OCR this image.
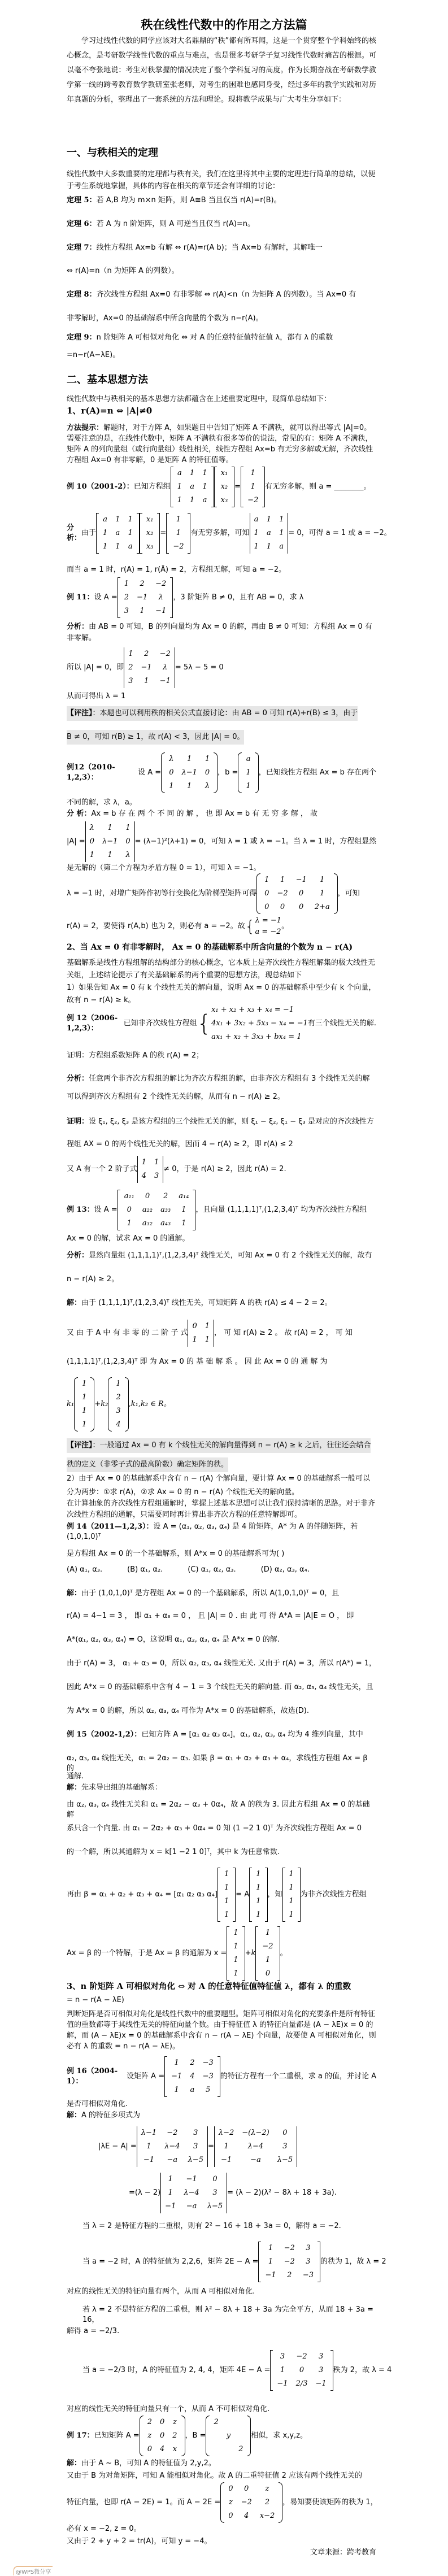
秩在线性代数中的作用之方法篇
学习过线性代数的同学应该对大名鼎鼎的“秩”都有所耳闻，这是一个贯穿整个学科始终的核心概念，是考研数学线性代数的重点与难点，也是很多考研学子复习线性代数时痛苦的根源。可以毫不夸张地说：考生对秩掌握的情况决定了整个学科复习的高度。作为长期奋战在考研数学教学第一线的跨考教育数学教研室张老师，对考生的困难也感同身受，经过多年的教学实践和对历年真题的分析，整理出了一套系统的方法和理论。现将教学成果与广大考生分享如下：
一、与秩相关的定理
线性代数中大多数重要的定理都与秩有关，我们在这里将其中主要的定理进行简单的总结，以便于考生系统地掌握，具体的内容在相关的章节还会有详细的讨论：
定理 5：若 A,B 均为 m×n 矩阵，则 A≅B 当且仅当 r(A)=r(B)。
定理 6：若 A 为 n 阶矩阵，则 A 可逆当且仅当 r(A)=n。
定理 7：线性方程组 Ax=b 有解 ⇔ r(A)=r(A b)；当 Ax=b 有解时，其解唯一
⇔ r(A)=n（n 为矩阵 A 的列数）。
定理 8：齐次线性方程组 Ax=0 有非零解 ⇔ r(A)<n（n 为矩阵 A 的列数）。当 Ax=0 有
非零解时，Ax=0 的基础解系中所含向量的个数为 n−r(A)。
定理 9：n 阶矩阵 A 可相似对角化 ⇔ 对 A 的任意特征值特征值 λ，都有 λ 的重数
=n−r(A−λE)。
二、基本思想方法
线性代数中与秩相关的基本思想方法都蕴含在上述重要定理中，现简单总结如下：
1、r(A)=n ⇔ |A|≠0
方法提示：解题时，对于方阵 A，如果题目中告知了矩阵 A 不满秩，就可以得出等式 |A|=0。需要注意的是，在线性代数中，矩阵 A 不满秩有很多等价的说法，常见的有：矩阵 A 不满秩，矩阵 A 的列向量组（或行向量组）线性相关，线性方程组 Ax=b 有无穷多解或无解，齐次线性方程组 Ax=0 有非零解，0 是矩阵 A 的特征值等。
例 10（2001-2）： 已知方程组
a	1	1
1	a	1
1	1	a
x₁
x₂
x₃
=
1
1
−2
有无穷多解，则 a = ________。
分析：
由于
a	1	1
1	a	1
1	1	a
x₁
x₂
x₃
=
1
1
−2
有无穷多解，可知
a	1	1
1	a	1
1	1	a
= 0，可得 a = 1 或 a = −2。
而当 a = 1 时，r(A) = 1, r(Ā) = 2，方程组无解，可知 a = −2。
例 11： 设 A =
1	2	−2
2	−1	λ
3	1	−1
，3 阶矩阵 B ≠ 0，且有 AB = 0，求 λ
分析：由 AB = 0 可知，B 的列向量均为 Ax = 0 的解，再由 B ≠ 0 可知：方程组 Ax = 0 有非零解。
所以 |A| = 0，即
1	2	−2
2	−1	λ
3	1	−1
= 5λ − 5 = 0
从而可得出 λ = 1
【评注】：本题也可以利用秩的相关公式直接讨论：由 AB = 0 可知 r(A)+r(B) ≤ 3，由于
B ≠ 0，可知 r(B) ≥ 1，故 r(A) < 3，因此 |A| = 0。
例12（2010-1,2,3）：
设 A =
λ	1	1
0	λ−1	0
1	1	λ
，b =
a
1
1
，已知线性方程组 Ax = b 存在两个
不同的解，求 λ，a。
分 析：Ax = b 存 在 两 个 不 同 的 解 ， 也 即 Ax = b 有 无 穷 多 解 ， 故
|A| =
λ	1	1
0	λ−1	0
1	1	λ
= (λ−1)²(λ+1) = 0，可知 λ = 1 或 λ = −1。当 λ = 1 时，方程组显然
是无解的（第二个方程为矛盾方程 0 = 1），可知 λ = −1。
λ = −1 时，对增广矩阵作初等行变换化为阶梯型矩阵可得
1	1	−1	1
0	−2	0	1
0	0	0	2+a
，可知
r(A) = 2，要使得 r(A,b) 也为 2，则必有 a = −2。故 { λ = −1
a = −2
。
2、当 Ax = 0 有非零解时， Ax = 0 的基础解系中所含向量的个数为 n − r(A)
基础解系是线性方程组解的结构部分的核心概念，它本质上是齐次线性方程组解集的极大线性无关组，上述结论提示了有关基础解系的两个重要的思想方法，现总结如下
1）如果告知 Ax = 0 有 k 个线性无关的解向量，说明 Ax = 0 的基础解系中至少有 k 个向量，故有 n − r(A) ≥ k。
例 12（2006-1,2,3）：
已知非齐次线性方程组 {
x₁ + x₂ + x₃ + x₄ = −1
4x₁ + 3x₂ + 5x₃ − x₄ = −1
ax₁ + x₂ + 3x₃ + bx₄ = 1
有三个线性无关的解.
证明：方程组系数矩阵 A 的秩 r(A) = 2；
分析：任意两个非齐次方程组的解比为齐次方程组的解，由非齐次方程组有 3 个线性无关的解可以得到齐次方程组有 2 个线性无关的解，从而有 n − r(A) ≥ 2。
证明：设 ξ₁, ξ₂, ξ₃ 是该方程组的三个线性无关的解，则 ξ₁ − ξ₂, ξ₁ − ξ₃ 是对应的齐次线性方程组 AX = 0 的两个线性无关的解，因而 4 − r(A) ≥ 2，即 r(A) ≤ 2
又 A 有一个 2 阶子式
1	1
4	3
≠ 0，于是 r(A) ≥ 2，因此 r(A) = 2.
例 13： 设 A =
a₁₁	0	2	a₁₄
0	a₂₂	a₃₃	1
1	a₃₂	a₄₃	1
，且向量 (1,1,1,1)ᵀ,(1,2,3,4)ᵀ 均为齐次线性方程组
Ax = 0 的解，试求 Ax = 0 的通解。
分析：显然向量组 (1,1,1,1)ᵀ,(1,2,3,4)ᵀ 线性无关，可知 Ax = 0 有 2 个线性无关的解，故有
n − r(A) ≥ 2。
解：由于 (1,1,1,1)ᵀ,(1,2,3,4)ᵀ 线性无关，可知矩阵 A 的秩 r(A) ≤ 4 − 2 = 2。
又 由 于 A 中 有 非 零 的 二 阶 子 式
0	1
1	1
， 可 知 r(A) ≥ 2 。 故 r(A) = 2 ， 可 知
(1,1,1,1)ᵀ,(1,2,3,4)ᵀ 即 为 Ax = 0 的 基 础 解 系 。 因 此 Ax = 0 的 通 解 为
k₁
1
1
1
1
+k₂
1
2
3
4
,k₁,k₂ ∈ R。
【评注】：一般通过 Ax = 0 有 k 个线性无关的解向量得到 n − r(A) ≥ k 之后，往往还会结合
秩的定义（非零子式的最高阶数）确定矩阵的秩。
2）由于 Ax = 0 的基础解系中含有 n − r(A) 个解向量，要计算 Ax = 0 的基础解系一般可以分为两步：①求 r(A)，②求 Ax = 0 的 n − r(A) 个线性无关的解向量。
在计算抽象的齐次线性方程组通解时，掌握上述基本思想可以让我们保持清晰的思路。对于非齐次线性方程组的通解，只需要同时再计算出非齐次方程的任意特解即可。
例 14（2011—1,2,3）：设 A = (α₁, α₂, α₃, α₄) 是 4 阶矩阵，A* 为 A 的伴随矩阵，若 (1,0,1,0)ᵀ
是方程组 Ax = 0 的一个基础解系，则 A*x = 0 的基础解系可为( )
(A) α₁, α₃.	(B) α₁, α₂.	(C) α₁, α₂, α₃.	(D) α₂, α₃, α₄.
解：由于 (1,0,1,0)ᵀ 是方程组 Ax = 0 的一个基础解系，所以 A(1,0,1,0)ᵀ = 0，且
r(A) = 4−1 = 3 ， 即 α₁ + α₃ = 0 ， 且 |A| = 0 . 由 此 可 得 A*A = |A|E = O ， 即
A*(α₁, α₂, α₃, α₄) = O，这说明 α₁, α₂, α₃, α₄ 是 A*x = 0 的解.
由于 r(A) = 3， α₁ + α₃ = 0，所以 α₂, α₃, α₄ 线性无关. 又由于 r(A) = 3，所以 r(A*) = 1，
因此 A*x = 0 的基础解系中含有 4 − 1 = 3 个线性无关的解向量. 而 α₂, α₃, α₄ 线性无关，且
为 A*x = 0 的解，所以 α₂, α₃, α₄ 可作为 A*x = 0 的基础解系，故选(D).
例 15（2002-1,2）：已知方阵 A = [α₁ α₂ α₃ α₄]，α₁, α₂, α₃, α₄ 均为 4 维列向量，其中
α₂, α₃, α₄ 线性无关，α₁ = 2α₂ − α₃. 如果 β = α₁ + α₂ + α₃ + α₄，求线性方程组 Ax = β 的
通解.
解：先求导出组的基础解系：
由 α₂, α₃, α₄ 线性无关和 α₁ = 2α₂ − α₃ + 0α₄，故 A 的秩为 3. 因此方程组 Ax = 0 的基础解
系只含一个向量. 由 α₁ − 2α₂ + α₃ + 0α₄ = 0 知 (1 −2 1 0)ᵀ 为齐次线性方程组 Ax = 0
的一个解，所以其通解为 x = k[1 −2 1 0]ᵀ，其中 k 为任意常数.
再由 β = α₁ + α₂ + α₃ + α₄ = [α₁ α₂ α₃ α₄]
1
1
1
1
= A
1
1
1
1
，知
1
1
1
1
为非齐次线性方程组
Ax = β 的一个特解，于是 Ax = β 的通解为 x =
1
1
1
1
+k
1
−2
1
0
。
3、n 阶矩阵 A 可相似对角化 ⇔ 对 A 的任意特征值特征值 λ，都有 λ 的重数
= n − r(A − λE)
判断矩阵是否可相似对角化是线性代数中的重要题型。矩阵可相似对角化的充要条件是所有特征值的重数都等于其线性无关的特征向量个数。由于特征值 λ 的特征向量都是 (A − λE)x = 0 的解，而 (A − λE)x = 0 的基础解系中含有 n − r(A − λE) 个向量，故要使 A 可相似对角化，则必有 λ 的重数 = n − r(A − λE)。
例 16（2004-1）：
设矩阵 A =
1	2	−3
−1	4	−3
1	a	5
的特征方程有一个二重根，求 a 的值，并讨论 A
是否可相似对角化.
解：A 的特征多项式为
|λE − A| =
λ−1	−2	3
1	λ−4	3
−1	−a	λ−5
=
λ−2	−(λ−2)	0
1	λ−4	3
−1	−a	λ−5
=(λ − 2)
1	−1	0
1	λ−4	3
−1	−a	λ−5
= (λ − 2)(λ² − 8λ + 18 + 3a).
当 λ = 2 是特征方程的二重根，则有 2² − 16 + 18 + 3a = 0，解得 a = −2.
当 a = −2 时，A 的特征值为 2,2,6，矩阵 2E − A =
1	−2	3
1	−2	3
−1	2	−3
的秩为 1，故 λ = 2
对应的线性无关的特征向量有两个，从而 A 可相似对角化.
若 λ = 2 不是特征方程的二重根，则 λ² − 8λ + 18 + 3a 为完全平方，从而 18 + 3a = 16，
解得 a = −2/3.
当 a = −2/3 时，A 的特征值为 2, 4, 4，矩阵 4E − A =
3	−2	3
1	0	3
−1	2/3	−1
秩为 2，故 λ = 4
对应的线性无关的特征向量只有一个，从而 A 不可相似对角化.
例 17： 已知矩阵 A =
2	0	z
z	0	2
0	4	x
，B =
2		
	y	
		2
相似，求 x,y,z。
解：由于 A ~ B，可知 A 的特征值为 2,y,2。
又由于 B 为对角矩阵，可知 A 能相似对角化。故 A 的二重特征值 2 应该有两个线性无关的
特征向量，也即 r(A − 2E) = 1。而 A − 2E =
0	0	z
z	−2	2
0	4	x−2
，易知要使该矩阵的秩为 1，
必有 x = −2, z = 0。
又由于 2 + y + 2 = tr(A)，可知 y = −4。
文章来源：跨考教育
@WPS微分享
